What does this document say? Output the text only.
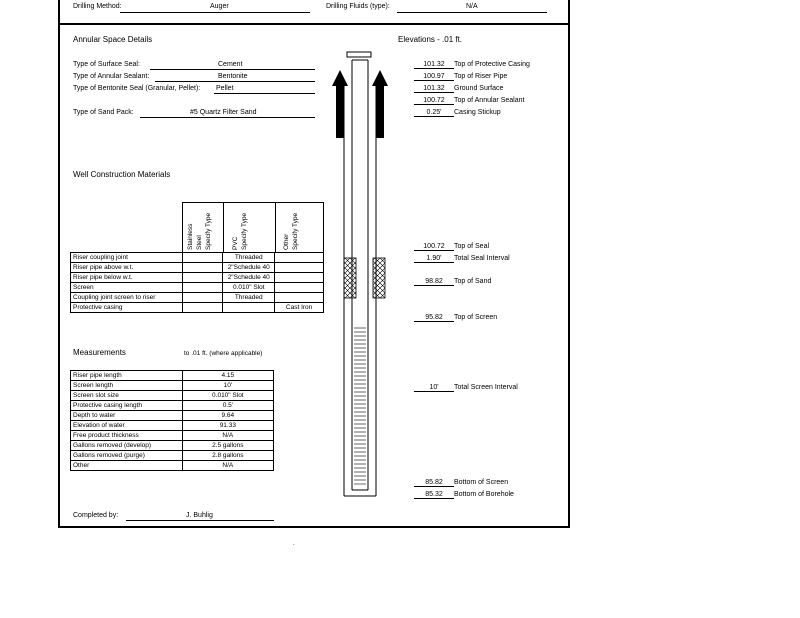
Drilling Method:	Auger	Drilling Fluids (type):	N/A
Annular Space Details
Type of Surface Seal:	Cement
Type of Annular Sealant:	Bentonite
Type of Bentonite Seal (Granular, Pellet): Pellet
Type of Sand Pack:	#5 Quartz Filter Sand
Elevations - .01 ft.
101.32	Top of Protective Casing
100.97	Top of Riser Pipe
101.32	Ground Surface
100.72	Top of Annular Sealant
0.25'	Casing Stickup
100.72	Top of Seal
1.90'	Total Seal Interval
98.82	Top of Sand
95.82	Top of Screen
10'	Total Screen Interval
85.82	Bottom of Screen
85.32	Bottom of Borehole
Well Construction Materials
Stainless
Steel
Specify Type
PVC
Specify Type
Other
Specify Type
Riser coupling joint		Threaded	
Riser pipe above w.t.		2"Schedule 40	
Riser pipe below w.t.		2"Schedule 40	
Screen		0.010" Slot	
Coupling joint screen to riser		Threaded	
Protective casing			Cast Iron
Measurements	to .01 ft. (where applicable)
Riser pipe length	4.15
Screen length	10'
Screen slot size	0.010" Slot
Protective casing length	0.5'
Depth to water	9.64
Elevation of water	91.33
Free product thickness	N/A
Gallons removed (develop)	2.5 gallons
Gallons removed (purge)	2.8 gallons
Other	N/A
Completed by:	J. Buhlig
.
